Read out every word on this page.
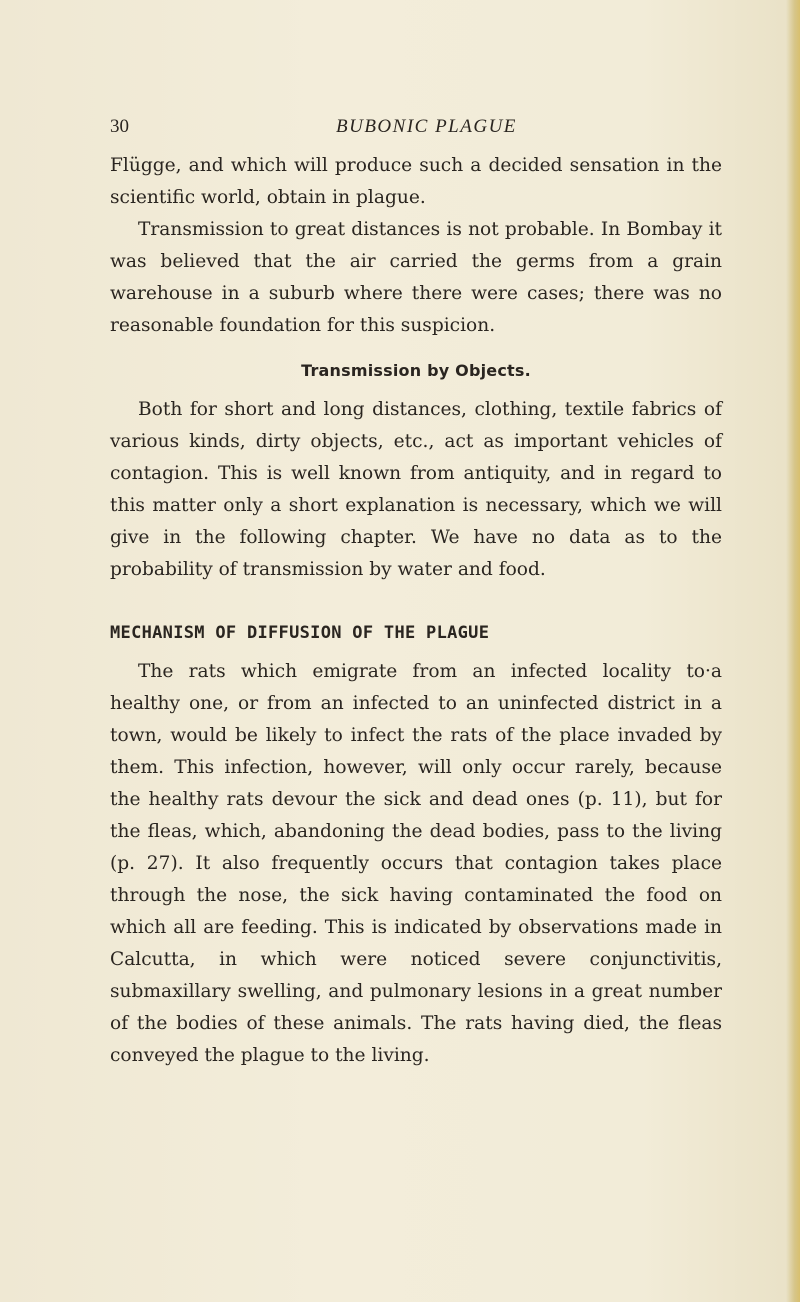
30	BUBONIC PLAGUE

Flügge, and which will produce such a decided sensation in the scientific world, obtain in plague.

Transmission to great distances is not probable. In Bombay it was believed that the air carried the germs from a grain warehouse in a suburb where there were cases; there was no reasonable foundation for this suspicion.

Transmission by Objects.

Both for short and long distances, clothing, textile fabrics of various kinds, dirty objects, etc., act as important vehicles of contagion. This is well known from antiquity, and in regard to this matter only a short explanation is necessary, which we will give in the following chapter. We have no data as to the probability of transmission by water and food.

MECHANISM OF DIFFUSION OF THE PLAGUE

The rats which emigrate from an infected locality to·a healthy one, or from an infected to an uninfected district in a town, would be likely to infect the rats of the place invaded by them. This infection, however, will only occur rarely, because the healthy rats devour the sick and dead ones (p. 11), but for the fleas, which, abandoning the dead bodies, pass to the living (p. 27). It also frequently occurs that contagion takes place through the nose, the sick having contaminated the food on which all are feeding. This is indicated by observations made in Calcutta, in which were noticed severe conjunctivitis, submaxillary swelling, and pulmonary lesions in a great number of the bodies of these animals. The rats having died, the fleas conveyed the plague to the living.
